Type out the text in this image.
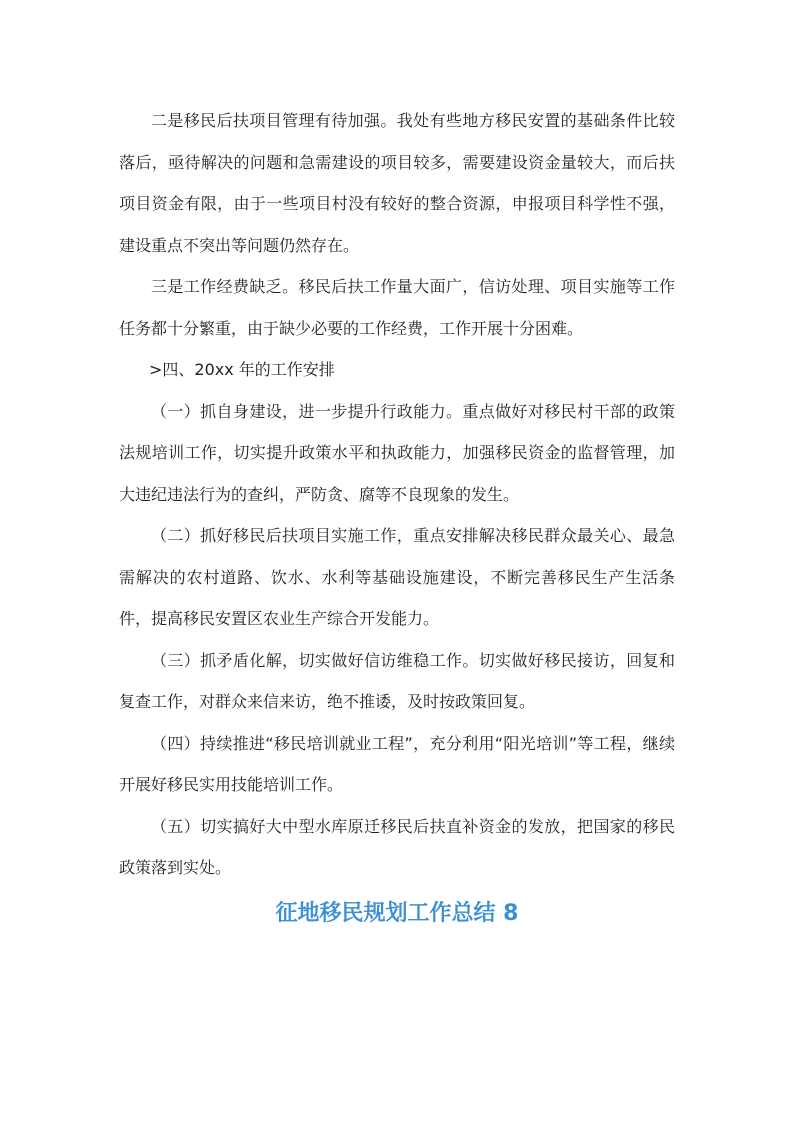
二是移民后扶项目管理有待加强。我处有些地方移民安置的基础条件比较落后，亟待解决的问题和急需建设的项目较多，需要建设资金量较大，而后扶项目资金有限，由于一些项目村没有较好的整合资源，申报项目科学性不强，建设重点不突出等问题仍然存在。

三是工作经费缺乏。移民后扶工作量大面广，信访处理、项目实施等工作任务都十分繁重，由于缺少必要的工作经费，工作开展十分困难。

>四、20xx 年的工作安排

（一）抓自身建设，进一步提升行政能力。重点做好对移民村干部的政策法规培训工作，切实提升政策水平和执政能力，加强移民资金的监督管理，加大违纪违法行为的查纠，严防贪、腐等不良现象的发生。

（二）抓好移民后扶项目实施工作，重点安排解决移民群众最关心、最急需解决的农村道路、饮水、水利等基础设施建设，不断完善移民生产生活条件，提高移民安置区农业生产综合开发能力。

（三）抓矛盾化解，切实做好信访维稳工作。切实做好移民接访，回复和复查工作，对群众来信来访，绝不推诿，及时按政策回复。

（四）持续推进“移民培训就业工程”，充分利用“阳光培训”等工程，继续开展好移民实用技能培训工作。

（五）切实搞好大中型水库原迁移民后扶直补资金的发放，把国家的移民政策落到实处。

征地移民规划工作总结 8
